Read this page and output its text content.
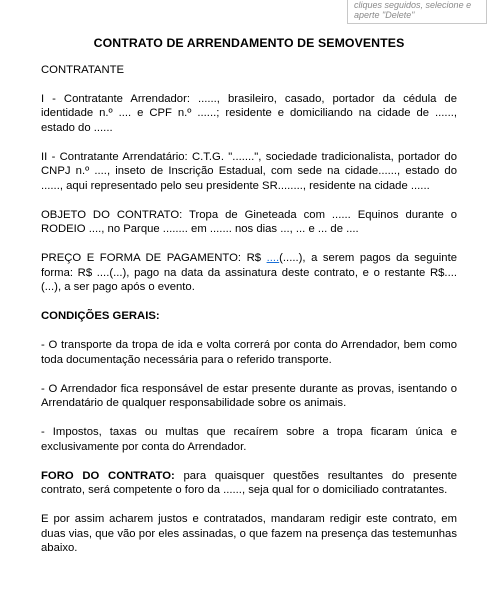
cliques seguidos, selecione e
aperte "Delete"
CONTRATO DE ARRENDAMENTO DE SEMOVENTES
CONTRATANTE
I - Contratante Arrendador: ......, brasileiro, casado, portador da cédula de identidade n.º .... e CPF n.º ......; residente e domiciliando na cidade de ......, estado do ......
II - Contratante Arrendatário: C.T.G. ".......", sociedade tradicionalista, portador do CNPJ n.º ...., inseto de Inscrição Estadual, com sede na cidade......, estado do ......, aqui representado pelo seu presidente SR........, residente na cidade ......
OBJETO DO CONTRATO: Tropa de Gineteada com ...... Equinos durante o RODEIO ...., no Parque ........ em ....... nos dias ..., ... e ... de ....
PREÇO E FORMA DE PAGAMENTO: R$ ....(.....), a serem pagos da seguinte forma: R$ ....(...), pago na data da assinatura deste contrato, e o restante R$....(...), a ser pago após o evento.
CONDIÇÕES GERAIS:
- O transporte da tropa de ida e volta correrá por conta do Arrendador, bem como toda documentação necessária para o referido transporte.
- O Arrendador fica responsável de estar presente durante as provas, isentando o Arrendatário de qualquer responsabilidade sobre os animais.
- Impostos, taxas ou multas que recaírem sobre a tropa ficaram única e exclusivamente por conta do Arrendador.
FORO DO CONTRATO: para quaisquer questões resultantes do presente contrato, será competente o foro da ......, seja qual for o domiciliado contratantes.
E por assim acharem justos e contratados, mandaram redigir este contrato, em duas vias, que vão por eles assinadas, o que fazem na presença das testemunhas abaixo.
